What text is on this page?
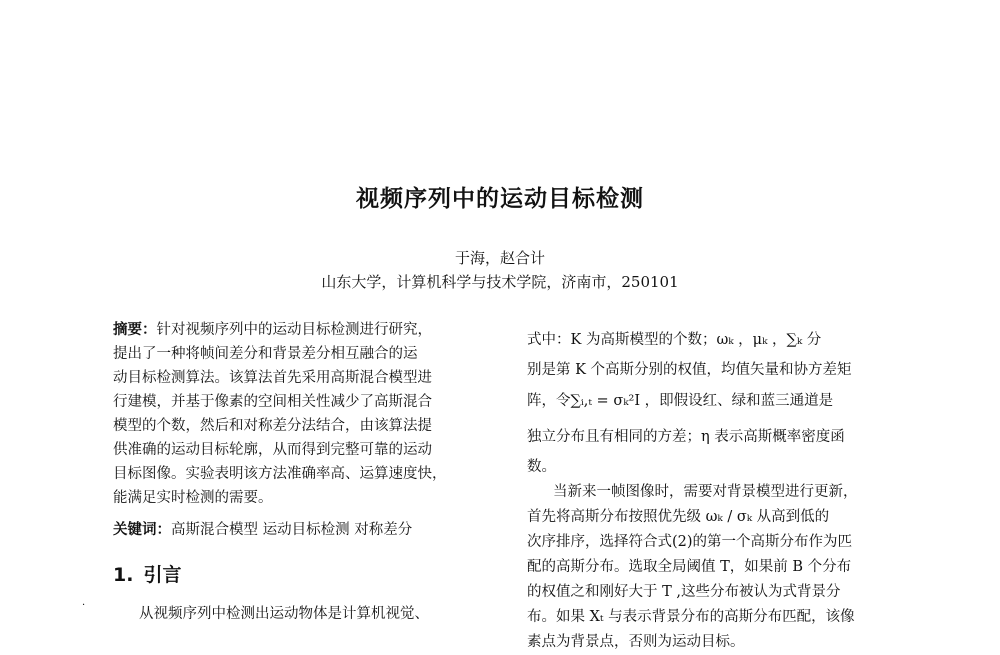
视频序列中的运动目标检测
于海，赵合计
山东大学，计算机科学与技术学院，济南市，250101
摘要：针对视频序列中的运动目标检测进行研究，
提出了一种将帧间差分和背景差分相互融合的运
动目标检测算法。该算法首先采用高斯混合模型进
行建模，并基于像素的空间相关性减少了高斯混合
模型的个数，然后和对称差分法结合，由该算法提
供准确的运动目标轮廓，从而得到完整可靠的运动
目标图像。实验表明该方法准确率高、运算速度快，
能满足实时检测的需要。
关键词：高斯混合模型 运动目标检测 对称差分
1. 引言
从视频序列中检测出运动物体是计算机视觉、
式中：K 为高斯模型的个数；ωₖ ，μₖ ，∑ₖ 分
别是第 K 个高斯分别的权值，均值矢量和协方差矩
阵，令∑ᵢ,ₜ = σₖ²I ，即假设红、绿和蓝三通道是
独立分布且有相同的方差；η 表示高斯概率密度函
数。
当新来一帧图像时，需要对背景模型进行更新，
首先将高斯分布按照优先级 ωₖ / σₖ 从高到低的
次序排序，选择符合式(2)的第一个高斯分布作为匹
配的高斯分布。选取全局阈值 T，如果前 B 个分布
的权值之和刚好大于 T ,这些分布被认为式背景分
布。如果 Xₜ 与表示背景分布的高斯分布匹配，该像
素点为背景点，否则为运动目标。
·
